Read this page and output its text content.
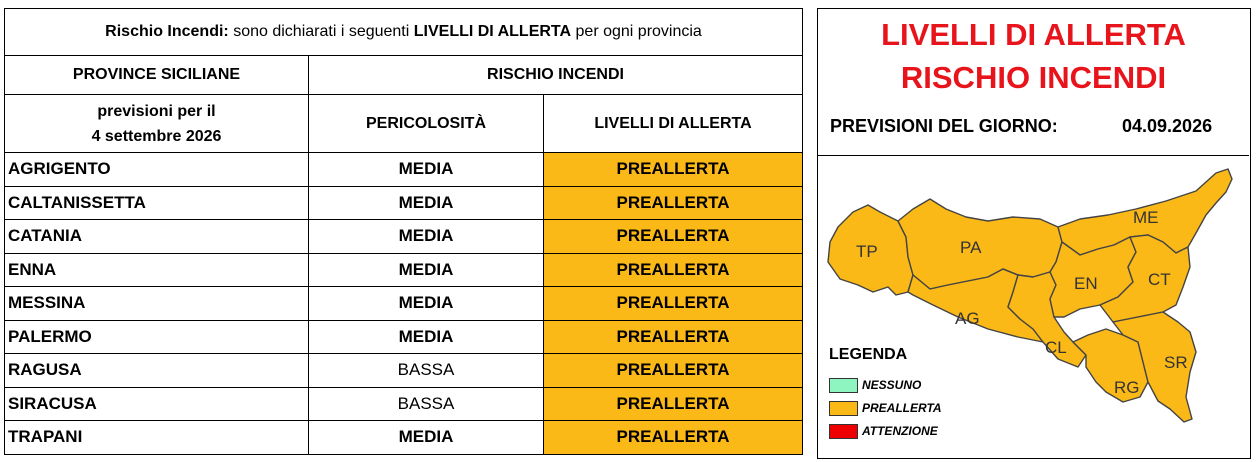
Rischio Incendi: sono dichiarati i seguenti LIVELLI DI ALLERTA per ogni provincia		
PROVINCE SICILIANE	RISCHIO INCENDI	
previsioni per il
4 settembre 2026	PERICOLOSITÀ	LIVELLI DI ALLERTA
AGRIGENTO	MEDIA	PREALLERTA
CALTANISSETTA	MEDIA	PREALLERTA
CATANIA	MEDIA	PREALLERTA
ENNA	MEDIA	PREALLERTA
MESSINA	MEDIA	PREALLERTA
PALERMO	MEDIA	PREALLERTA
RAGUSA	BASSA	PREALLERTA
SIRACUSA	BASSA	PREALLERTA
TRAPANI	MEDIA	PREALLERTA
LIVELLI DI ALLERTA
RISCHIO INCENDI
PREVISIONI DEL GIORNO:	04.09.2026
TP	PA
ME
AG
EN	CT
CL
SR
RG
LEGENDA
NESSUNO
PREALLERTA
ATTENZIONE
